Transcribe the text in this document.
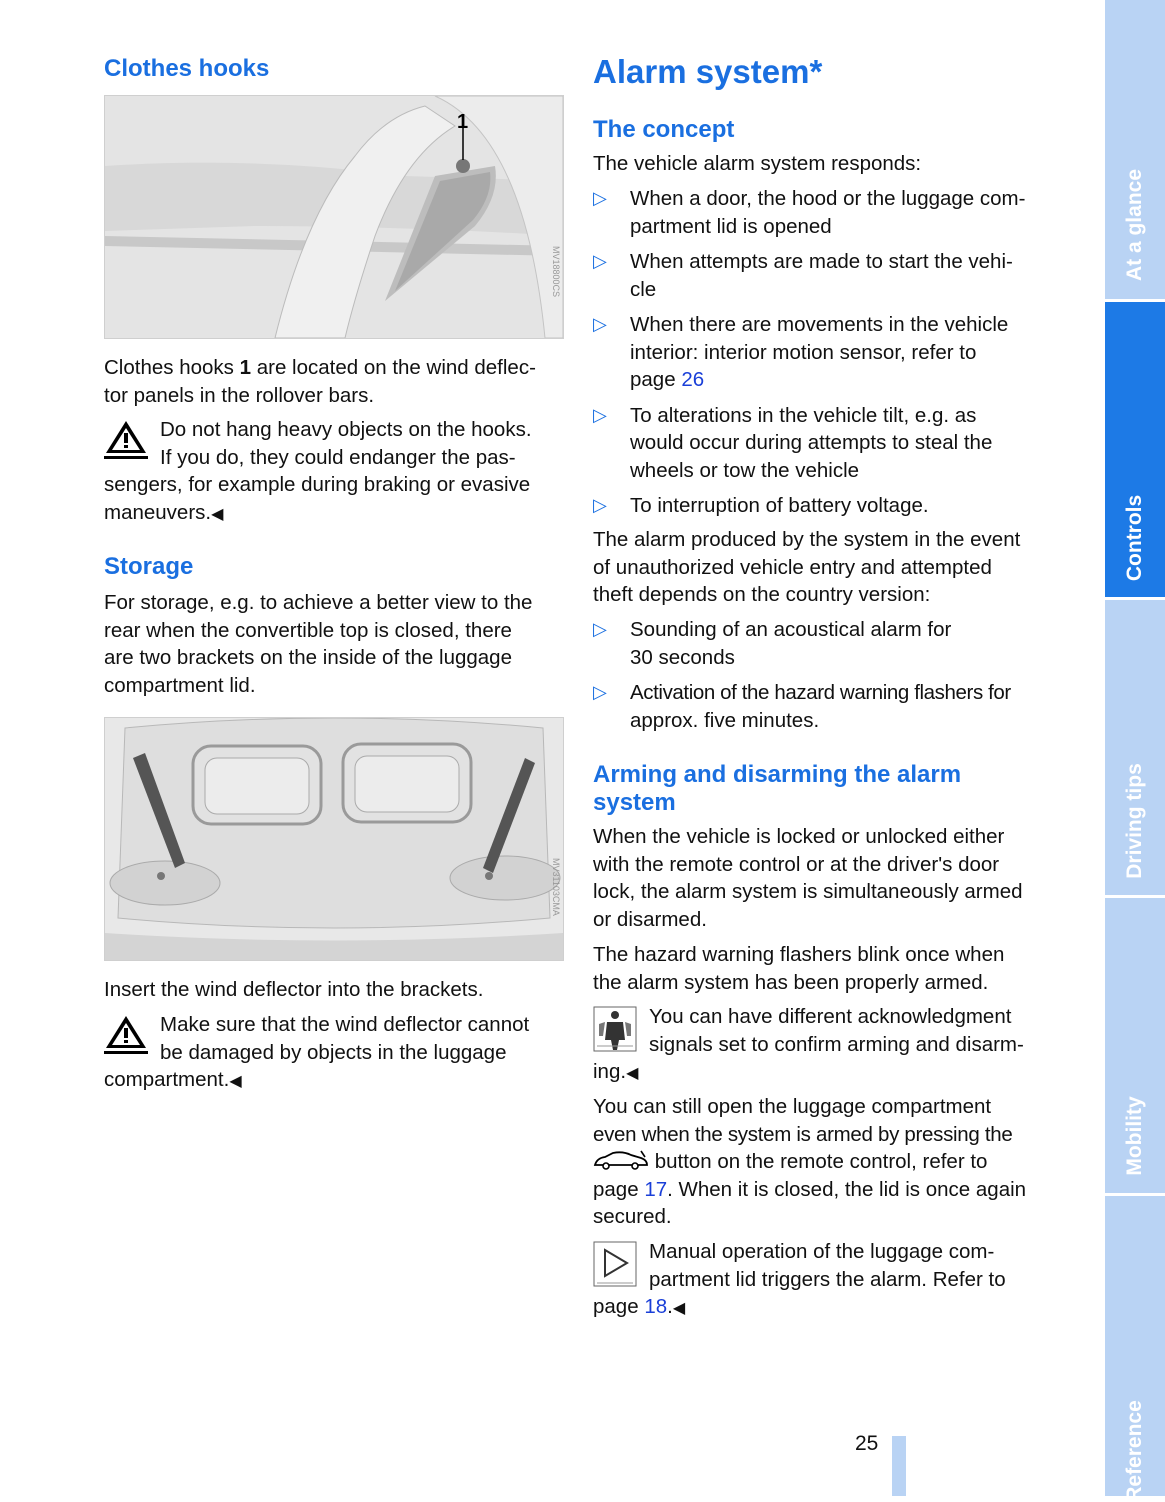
Clothes hooks
1
MV18800CS

Clothes hooks 1 are located on the wind deflec-
tor panels in the rollover bars.

Do not hang heavy objects on the hooks.
If you do, they could endanger the pas-
sengers, for example during braking or evasive
maneuvers.◀
Storage
For storage, e.g. to achieve a better view to the
rear when the convertible top is closed, there
are two brackets on the inside of the luggage
compartment lid.
MV31103CMA

Insert the wind deflector into the brackets.

Make sure that the wind deflector cannot
be damaged by objects in the luggage
compartment.◀
Alarm system*
The concept

The vehicle alarm system responds:

▷ When a door, the hood or the luggage com-
partment lid is opened
▷ When attempts are made to start the vehi-
cle
▷ When there are movements in the vehicle
interior: interior motion sensor, refer to
page 26
▷ To alterations in the vehicle tilt, e.g. as
would occur during attempts to steal the
wheels or tow the vehicle
▷ To interruption of battery voltage.
The alarm produced by the system in the event
of unauthorized vehicle entry and attempted
theft depends on the country version:
▷ Sounding of an acoustical alarm for
30 seconds
▷ Activation of the hazard warning flashers for
approx. five minutes.
Arming and disarming the alarm
system
When the vehicle is locked or unlocked either
with the remote control or at the driver's door
lock, the alarm system is simultaneously armed
or disarmed.
The hazard warning flashers blink once when
the alarm system has been properly armed.
You can have different acknowledgment
signals set to confirm arming and disarm-
ing.◀
You can still open the luggage compartment
even when the system is armed by pressing the
button on the remote control, refer to
page 17. When it is closed, the lid is once again
secured.
Manual operation of the luggage com-
partment lid triggers the alarm. Refer to
page 18.◀
25
At a glance
Controls
Driving tips
Mobility
Reference
